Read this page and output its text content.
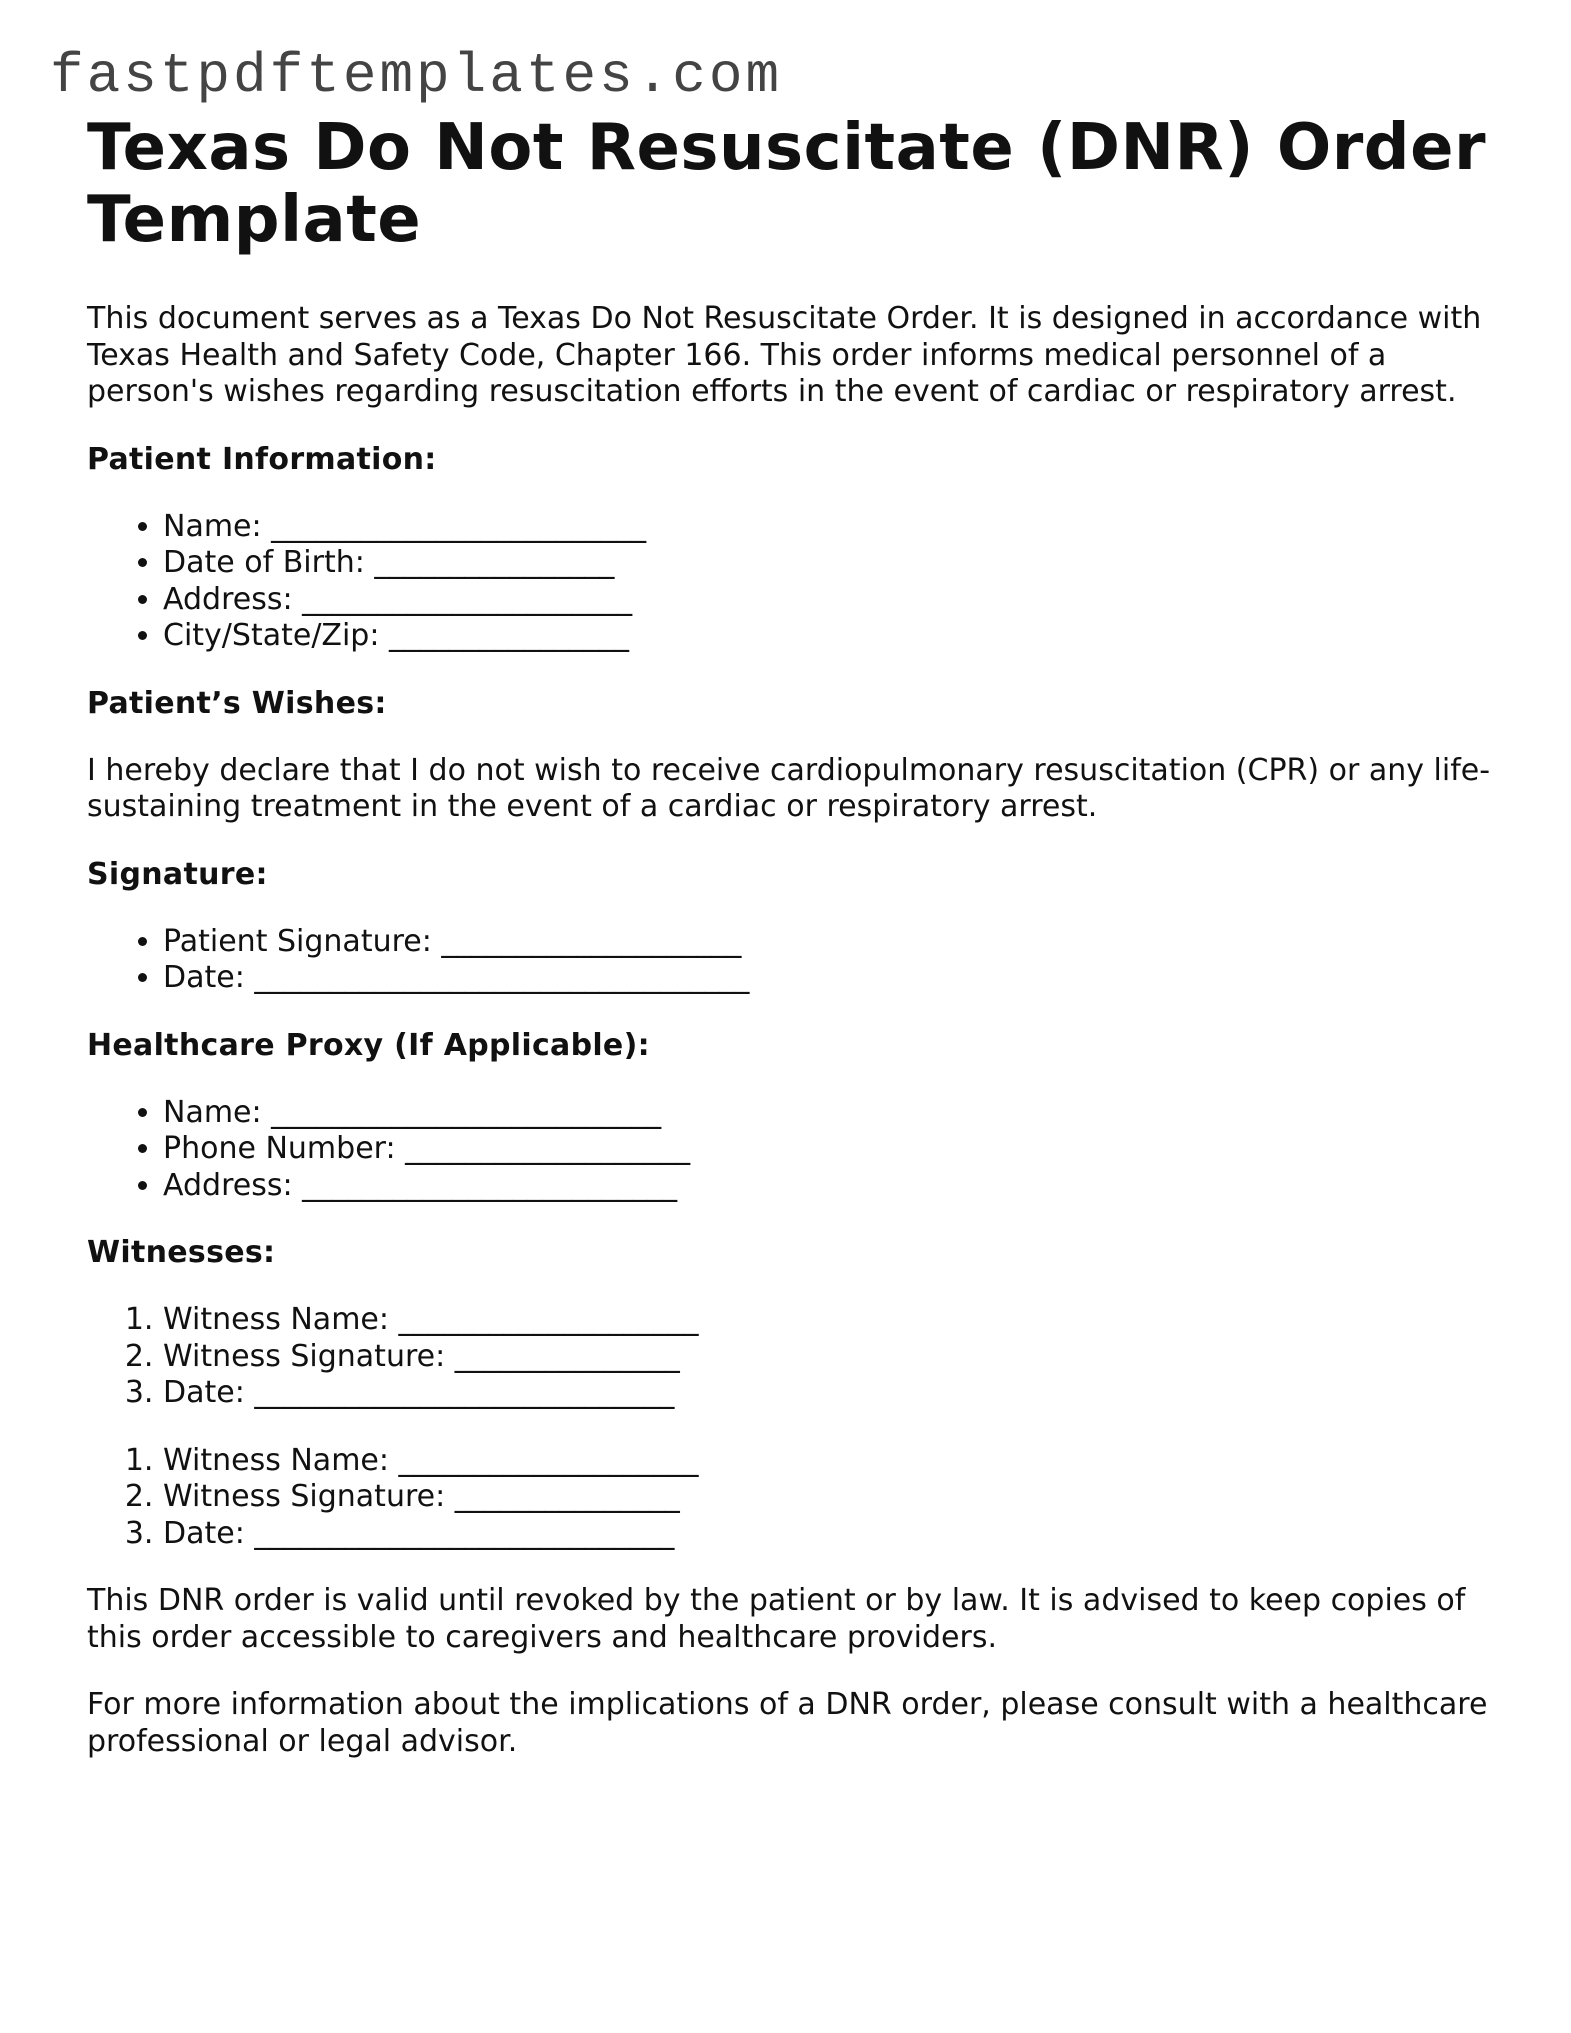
fastpdftemplates.com
Texas Do Not Resuscitate (DNR) Order Template

This document serves as a Texas Do Not Resuscitate Order. It is designed in accordance with Texas Health and Safety Code, Chapter 166. This order informs medical personnel of a person's wishes regarding resuscitation efforts in the event of cardiac or respiratory arrest.

Patient Information:
• Name: _________________________
• Date of Birth: ________________
• Address: ______________________
• City/State/Zip: ________________
Patient’s Wishes:

I hereby declare that I do not wish to receive cardiopulmonary resuscitation (CPR) or any life-sustaining treatment in the event of a cardiac or respiratory arrest.

Signature:
• Patient Signature: ____________________
• Date: _________________________________
Healthcare Proxy (If Applicable):
• Name: __________________________
• Phone Number: ___________________
• Address: _________________________
Witnesses:
1. Witness Name: ____________________
2. Witness Signature: _______________
3. Date: ____________________________
1. Witness Name: ____________________
2. Witness Signature: _______________
3. Date: ____________________________

This DNR order is valid until revoked by the patient or by law. It is advised to keep copies of this order accessible to caregivers and healthcare providers.

For more information about the implications of a DNR order, please consult with a healthcare professional or legal advisor.
